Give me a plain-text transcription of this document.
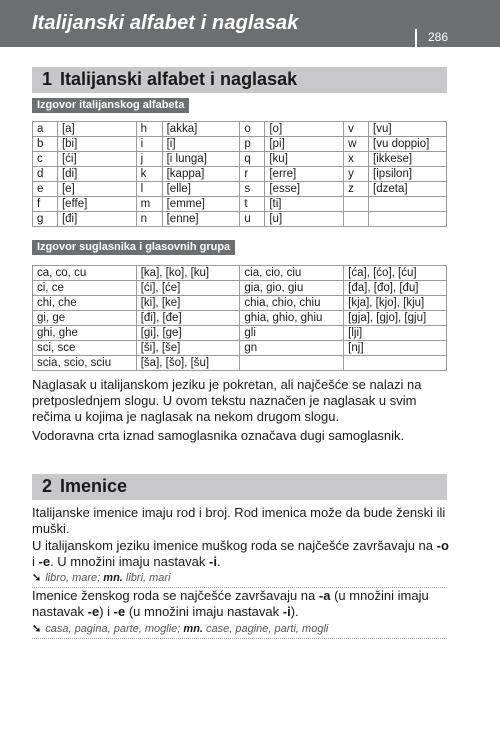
Italijanski alfabet i naglasak
286
1 Italijanski alfabet i naglasak
Izgovor italijanskog alfabeta
a	[a]	h	[akka]	o	[o]	v	[vu]
b	[bi]	i	[i]	p	[pi]	w	[vu doppio]
c	[ći]	j	[i lunga]	q	[ku]	x	[ikkese]
d	[di]	k	[kappa]	r	[erre]	y	[ipsilon]
e	[e]	l	[elle]	s	[esse]	z	[dzeta]
f	[effe]	m	[emme]	t	[ti]		
g	[đi]	n	[enne]	u	[u]		
Izgovor suglasnika i glasovnih grupa
ca, co, cu	[ka], [ko], [ku]	cia, cio, ciu	[ća], [ćo], [ću]
ci, ce	[ći], [će]	gia, gio, giu	[đa], [đo], [đu]
chi, che	[ki], [ke]	chia, chio, chiu	[kja], [kjo], [kju]
gi, ge	[đi], [đe]	ghia, ghio, ghiu	[gja], [gjo], [gju]
ghi, ghe	[gi], [ge]	gli	[lji]
sci, sce	[ši], [še]	gn	[nj]
scia, scio, sciu	[ša], [šo], [šu]		
Naglasak u italijanskom jeziku je pokretan, ali najčešće se nalazi na pretposlednjem slogu. U ovom tekstu naznačen je naglasak u svim rečima u kojima je naglasak na nekom drugom slogu.
Vodoravna crta iznad samoglasnika označava dugi samoglasnik.
2 Imenice
Italijanske imenice imaju rod i broj. Rod imenica može da bude ženski ili muški.
U italijanskom jeziku imenice muškog roda se najčešće završavaju na -o i -e. U množini imaju nastavak -i.
➘ libro, mare; mn. libri, mari
Imenice ženskog roda se najčešće završavaju na -a (u množini imaju nastavak -e) i -e (u množini imaju nastavak -i).
➘ casa, pagina, parte, moglie; mn. case, pagine, parti, mogli
